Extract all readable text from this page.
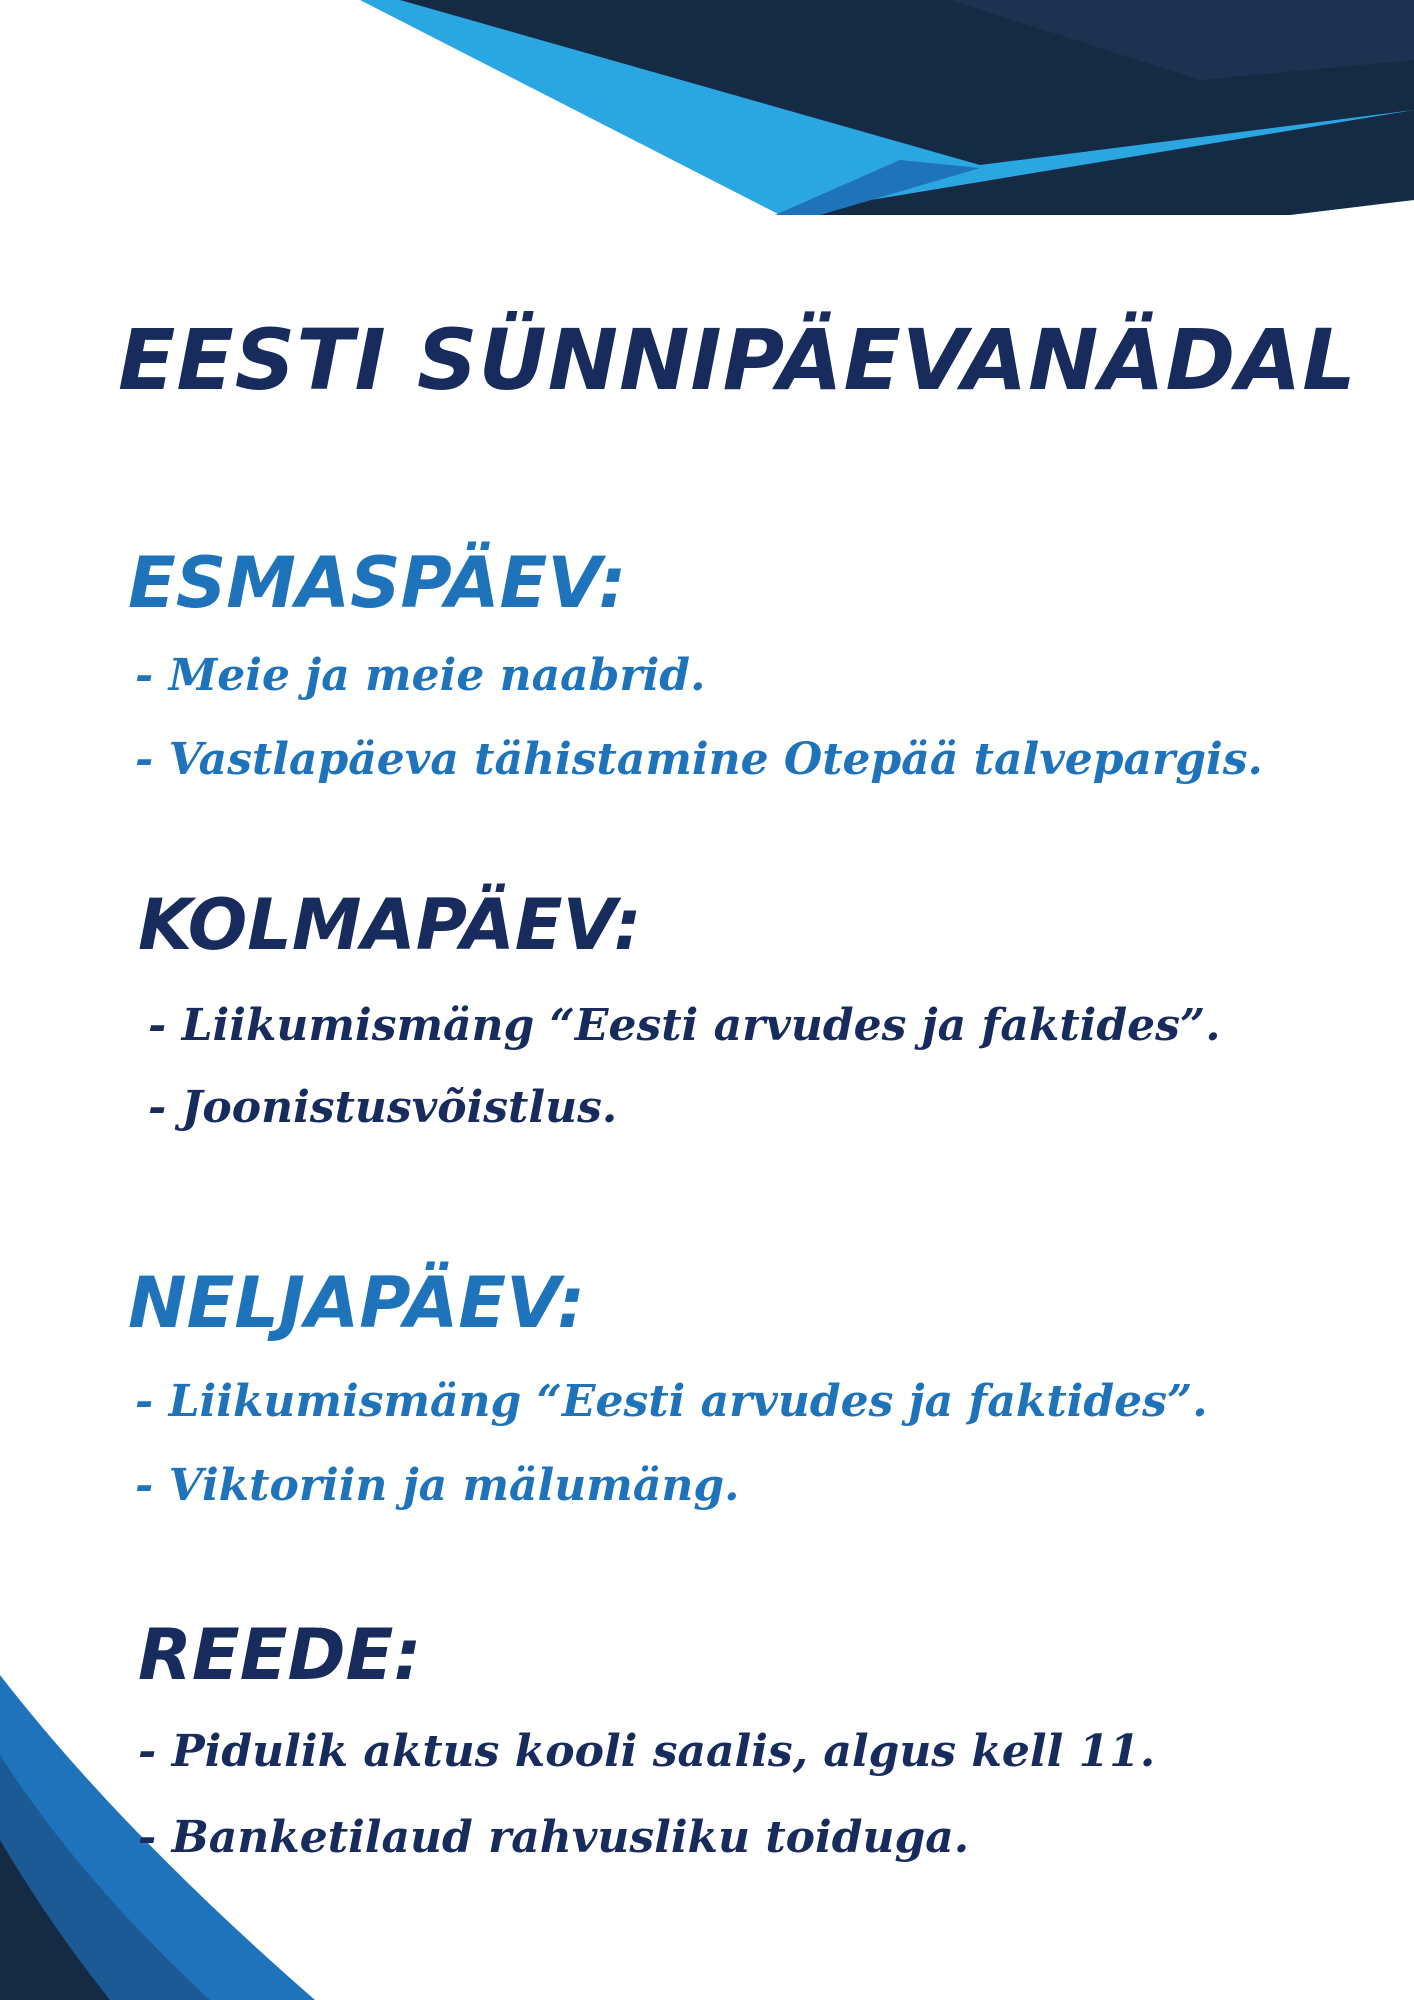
EESTI SÜNNIPÄEVANÄDAL
ESMASPÄEV:

- Meie ja meie naabrid.

- Vastlapäeva tähistamine Otepää talvepargis.

KOLMAPÄEV:

- Liikumismäng “Eesti arvudes ja faktides”.

- Joonistusvõistlus.

NELJAPÄEV:

- Liikumismäng “Eesti arvudes ja faktides”.

- Viktoriin ja mälumäng.

REEDE:

- Pidulik aktus kooli saalis, algus kell 11.

- Banketilaud rahvusliku toiduga.
